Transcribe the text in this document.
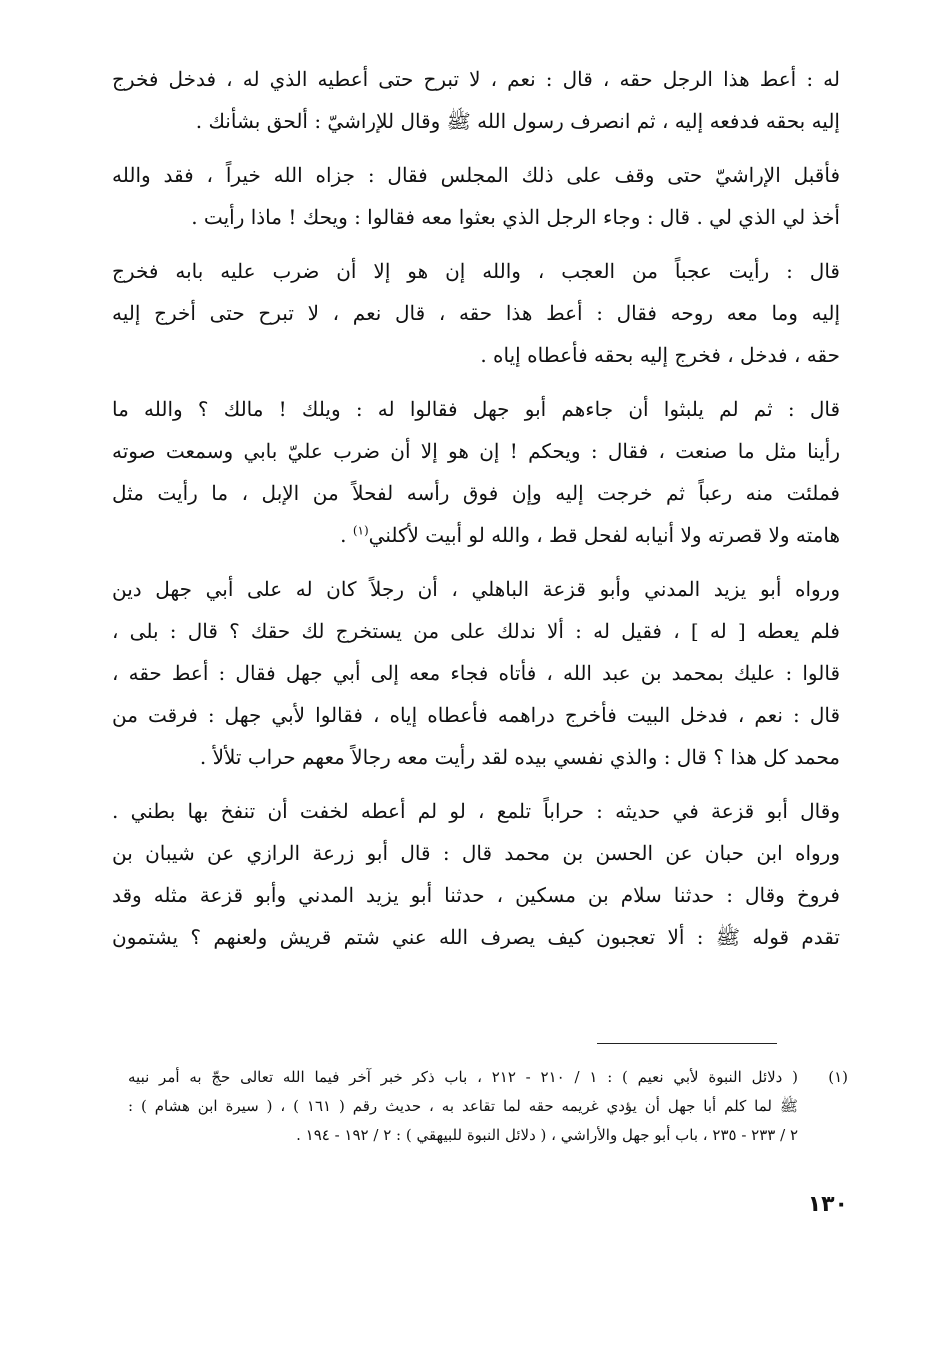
له : أعط هذا الرجل حقه ، قال : نعم ، لا تبرح حتى أعطيه الذي له ، فدخل فخرج
إليه بحقه فدفعه إليه ، ثم انصرف رسول الله ﷺ وقال للإراشيّ : ألحق بشأنك .

فأقبل الإراشيّ حتى وقف على ذلك المجلس فقال : جزاه الله خيراً ، فقد والله
أخذ لي الذي لي . قال : وجاء الرجل الذي بعثوا معه فقالوا : ويحك ! ماذا رأيت .

قال : رأيت عجباً من العجب ، والله إن هو إلا أن ضرب عليه بابه فخرج
إليه وما معه روحه فقال : أعط هذا حقه ، قال نعم ، لا تبرح حتى أخرج إليه
حقه ، فدخل ، فخرج إليه بحقه فأعطاه إياه .

قال : ثم لم يلبثوا أن جاءهم أبو جهل فقالوا له : ويلك ! مالك ؟ والله ما
رأينا مثل ما صنعت ، فقال : ويحكم ! إن هو إلا أن ضرب عليّ بابي وسمعت صوته
فملئت منه رعباً ثم خرجت إليه وإن فوق رأسه لفحلاً من الإبل ، ما رأيت مثل
هامته ولا قصرته ولا أنيابه لفحل قط ، والله لو أبيت لأكلني$^{(١)}$ .

ورواه أبو يزيد المدني وأبو قزعة الباهلي ، أن رجلاً كان له على أبي جهل دين
فلم يعطه [ له ] ، فقيل له : ألا ندلك على من يستخرج لك حقك ؟ قال : بلى ،
قالوا : عليك بمحمد بن عبد الله ، فأتاه فجاء معه إلى أبي جهل فقال : أعط حقه ،
قال : نعم ، فدخل البيت فأخرج دراهمه فأعطاه إياه ، فقالوا لأبي جهل : فرقت من
محمد كل هذا ؟ قال : والذي نفسي بيده لقد رأيت معه رجالاً معهم حراب تلألأ .

وقال أبو قزعة في حديثه : حراباً تلمع ، لو لم أعطه لخفت أن تنفخ بها بطني .
ورواه ابن حبان عن الحسن بن محمد قال : قال أبو زرعة الرازي عن شيبان بن
فروخ وقال : حدثنا سلام بن مسكين ، حدثنا أبو يزيد المدني وأبو قزعة مثله وقد
تقدم قوله ﷺ : ألا تعجبون كيف يصرف الله عني شتم قريش ولعنهم ؟ يشتمون

(١)
( دلائل النبوة لأبي نعيم ) : ١ / ٢١٠ - ٢١٢ ، باب ذكر خبر آخر فيما الله تعالى حجّ به أمر نبيه
ﷺ لما كلم أبا جهل أن يؤدي غريمه حقه لما تقاعد به ، حديث رقم ( ١٦١ ) ، ( سيرة ابن هشام ) :
٢ / ٢٣٣ - ٢٣٥ ، باب أبو جهل والأراشي ، ( دلائل النبوة للبيهقي ) : ٢ / ١٩٢ - ١٩٤ .
١٣٠
